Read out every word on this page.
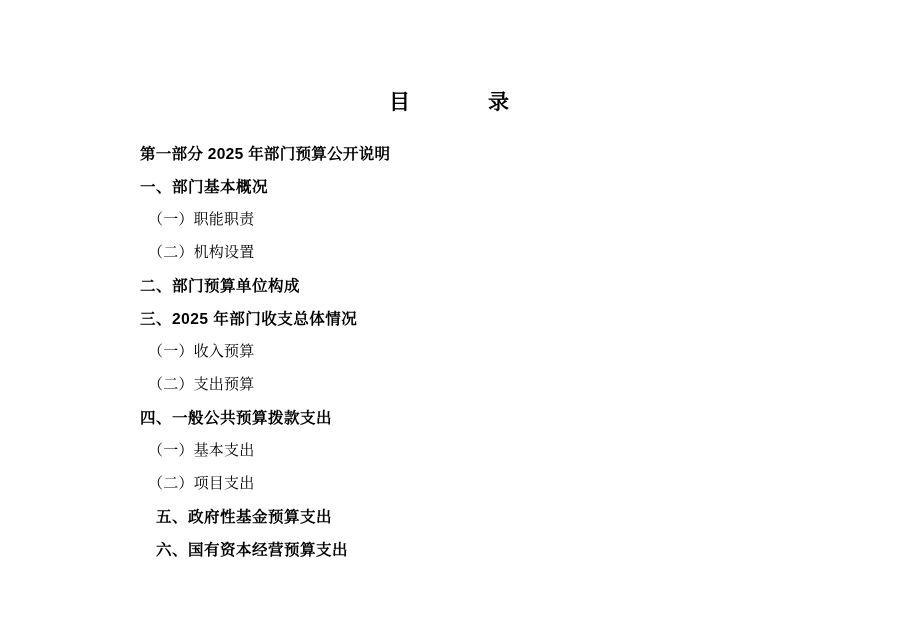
目　　录
第一部分 2025 年部门预算公开说明
一、部门基本概况
（一）职能职责
（二）机构设置
二、部门预算单位构成
三、2025 年部门收支总体情况
（一）收入预算
（二）支出预算
四、一般公共预算拨款支出
（一）基本支出
（二）项目支出
五、政府性基金预算支出
六、国有资本经营预算支出
